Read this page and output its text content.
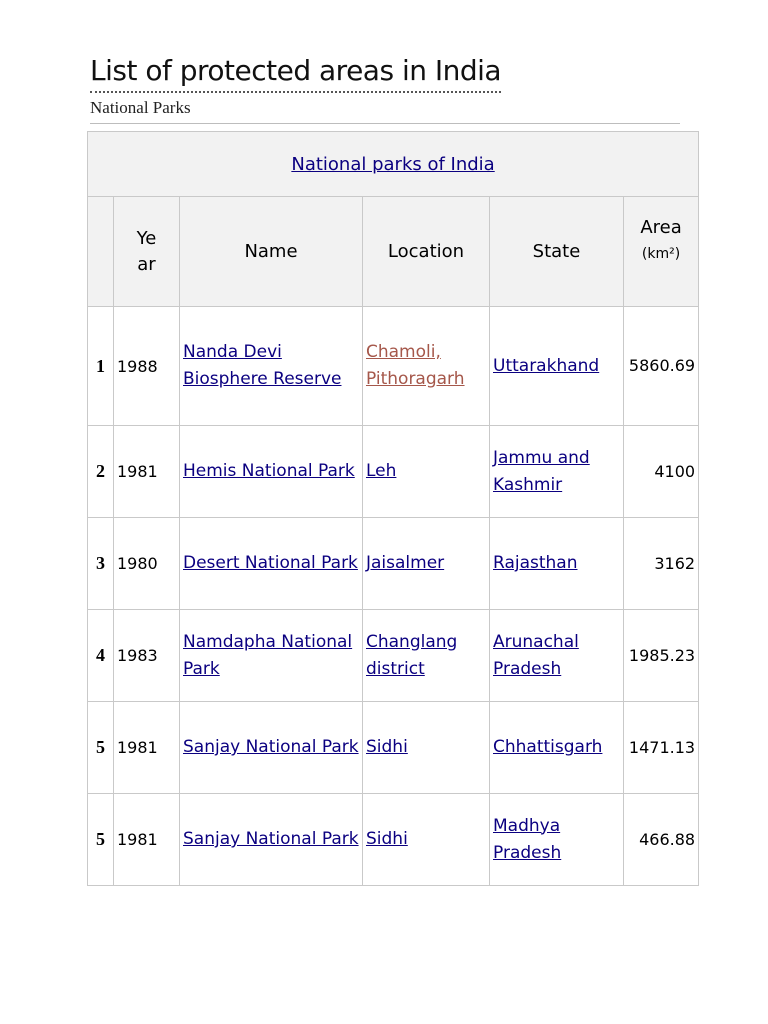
List of protected areas in India
National Parks
National parks of India					
	Year	Name	Location	State	Area
(km²)

1	1988	Nanda Devi Biosphere Reserve	Chamoli, Pithoragarh	Uttarakhand	5860.69
2	1981	Hemis National Park	Leh	Jammu and Kashmir	4100
3	1980	Desert National Park	Jaisalmer	Rajasthan	3162
4	1983	Namdapha National Park	Changlang district	Arunachal Pradesh	1985.23
5	1981	Sanjay National Park	Sidhi	Chhattisgarh	1471.13
5	1981	Sanjay National Park	Sidhi	Madhya Pradesh	466.88
